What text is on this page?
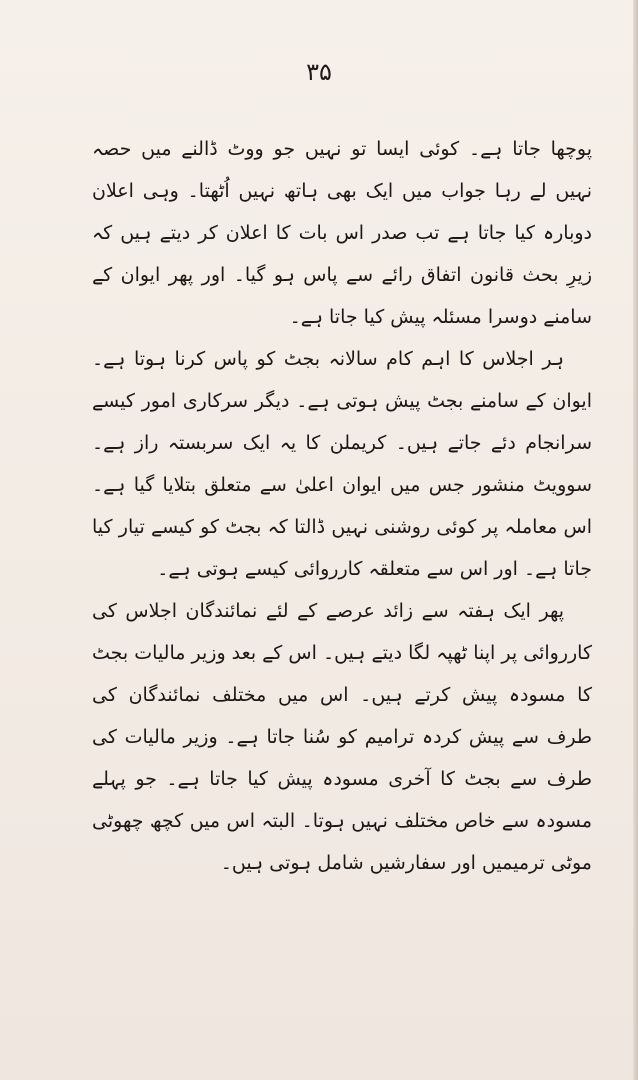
۳۵

پوچھا جاتا ہے۔ کوئی ایسا تو نہیں جو ووٹ ڈالنے میں حصہ نہیں لے رہا جواب میں ایک بھی ہاتھ نہیں اُٹھتا۔ وہی اعلان دوبارہ کیا جاتا ہے تب صدر اس بات کا اعلان کر دیتے ہیں کہ زیرِ بحث قانون اتفاق رائے سے پاس ہو گیا۔ اور پھر ایوان کے سامنے دوسرا مسئلہ پیش کیا جاتا ہے۔

ہر اجلاس کا اہم کام سالانہ بجٹ کو پاس کرنا ہوتا ہے۔ ایوان کے سامنے بجٹ پیش ہوتی ہے۔ دیگر سرکاری امور کیسے سرانجام دئے جاتے ہیں۔ کریملن کا یہ ایک سربستہ راز ہے۔ سوویٹ منشور جس میں ایوان اعلیٰ سے متعلق بتلایا گیا ہے۔ اس معاملہ پر کوئی روشنی نہیں ڈالتا کہ بجٹ کو کیسے تیار کیا جاتا ہے۔ اور اس سے متعلقہ کارروائی کیسے ہوتی ہے۔

پھر ایک ہفتہ سے زائد عرصے کے لئے نمائندگان اجلاس کی کارروائی پر اپنا ٹھپہ لگا دیتے ہیں۔ اس کے بعد وزیر مالیات بجٹ کا مسودہ پیش کرتے ہیں۔ اس میں مختلف نمائندگان کی طرف سے پیش کردہ ترامیم کو سُنا جاتا ہے۔ وزیر مالیات کی طرف سے بجٹ کا آخری مسودہ پیش کیا جاتا ہے۔ جو پہلے مسودہ سے خاص مختلف نہیں ہوتا۔ البتہ اس میں کچھ چھوٹی موٹی ترمیمیں اور سفارشیں شامل ہوتی ہیں۔
